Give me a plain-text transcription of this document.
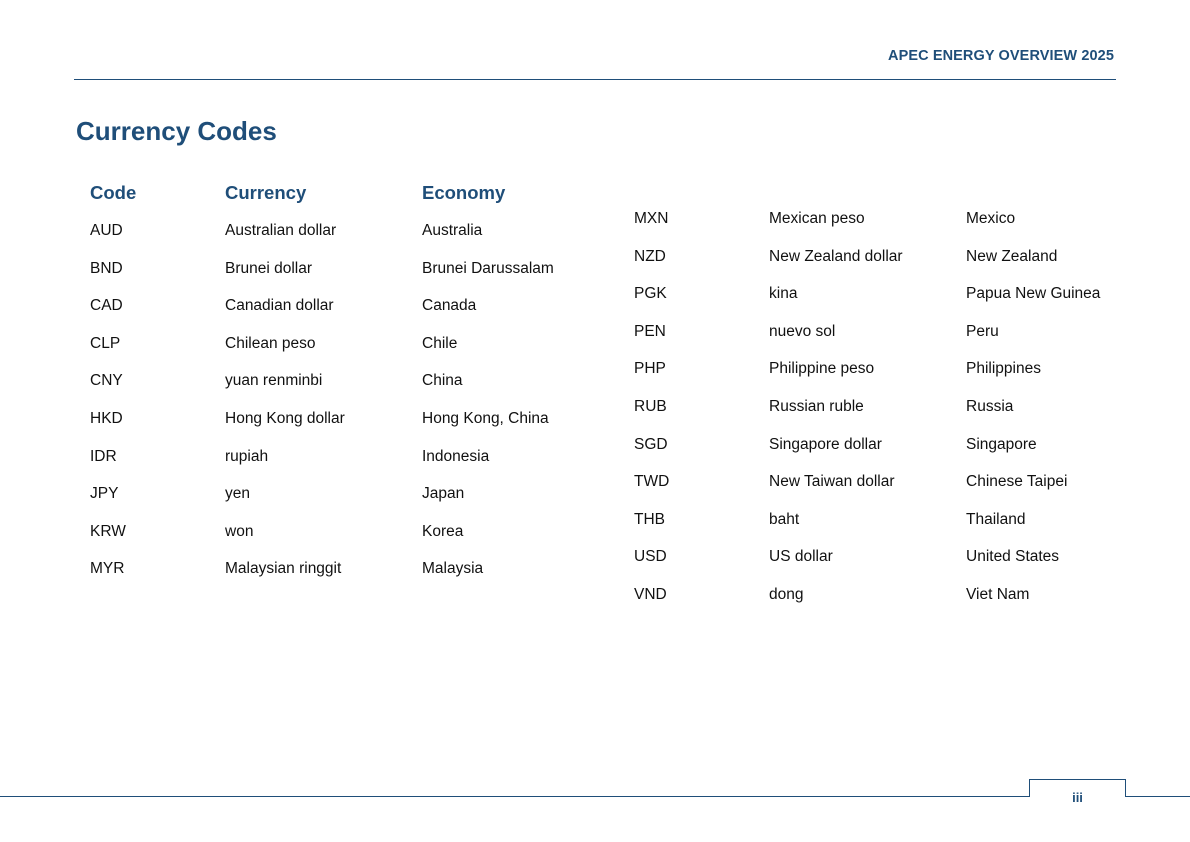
APEC ENERGY OVERVIEW 2025
Currency Codes
Code	Currency	Economy
AUD	Australian dollar	Australia
BND	Brunei dollar	Brunei Darussalam
CAD	Canadian dollar	Canada
CLP	Chilean peso	Chile
CNY	yuan renminbi	China
HKD	Hong Kong dollar	Hong Kong, China
IDR	rupiah	Indonesia
JPY	yen	Japan
KRW	won	Korea
MYR	Malaysian ringgit	Malaysia
MXN	Mexican peso	Mexico
NZD	New Zealand dollar	New Zealand
PGK	kina	Papua New Guinea
PEN	nuevo sol	Peru
PHP	Philippine peso	Philippines
RUB	Russian ruble	Russia
SGD	Singapore dollar	Singapore
TWD	New Taiwan dollar	Chinese Taipei
THB	baht	Thailand
USD	US dollar	United States
VND	dong	Viet Nam
iii
